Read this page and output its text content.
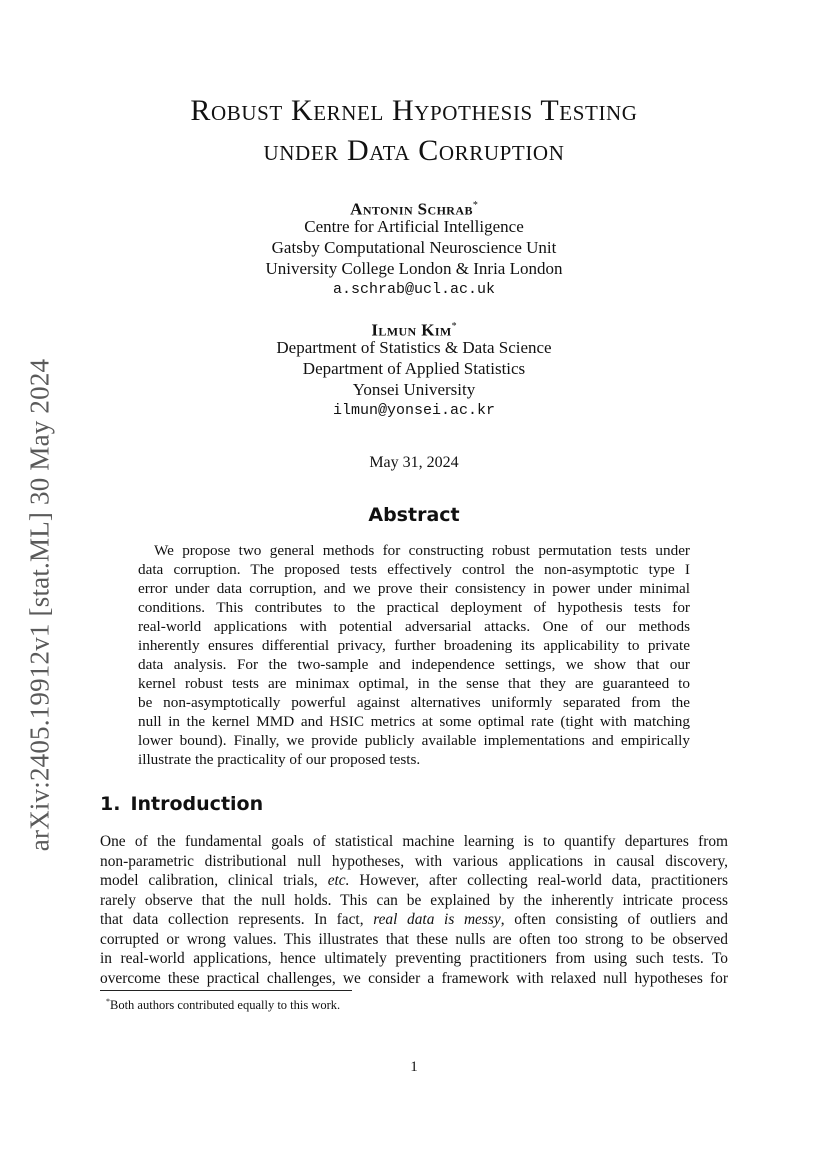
arXiv:2405.19912v1 [stat.ML] 30 May 2024
Robust Kernel Hypothesis Testing
under Data Corruption
Antonin Schrab*
Centre for Artificial Intelligence
Gatsby Computational Neuroscience Unit
University College London & Inria London
a.schrab@ucl.ac.uk
Ilmun Kim*
Department of Statistics & Data Science
Department of Applied Statistics
Yonsei University
ilmun@yonsei.ac.kr
May 31, 2024
Abstract
We propose two general methods for constructing robust permutation tests under
data corruption. The proposed tests effectively control the non-asymptotic type I
error under data corruption, and we prove their consistency in power under minimal
conditions. This contributes to the practical deployment of hypothesis tests for
real-world applications with potential adversarial attacks. One of our methods
inherently ensures differential privacy, further broadening its applicability to private
data analysis. For the two-sample and independence settings, we show that our
kernel robust tests are minimax optimal, in the sense that they are guaranteed to
be non-asymptotically powerful against alternatives uniformly separated from the
null in the kernel MMD and HSIC metrics at some optimal rate (tight with matching
lower bound). Finally, we provide publicly available implementations and empirically
illustrate the practicality of our proposed tests.
1. Introduction
One of the fundamental goals of statistical machine learning is to quantify departures from
non-parametric distributional null hypotheses, with various applications in causal discovery,
model calibration, clinical trials, etc. However, after collecting real-world data, practitioners
rarely observe that the null holds. This can be explained by the inherently intricate process
that data collection represents. In fact, real data is messy, often consisting of outliers and
corrupted or wrong values. This illustrates that these nulls are often too strong to be observed
in real-world applications, hence ultimately preventing practitioners from using such tests. To
overcome these practical challenges, we consider a framework with relaxed null hypotheses for
*Both authors contributed equally to this work.
1
